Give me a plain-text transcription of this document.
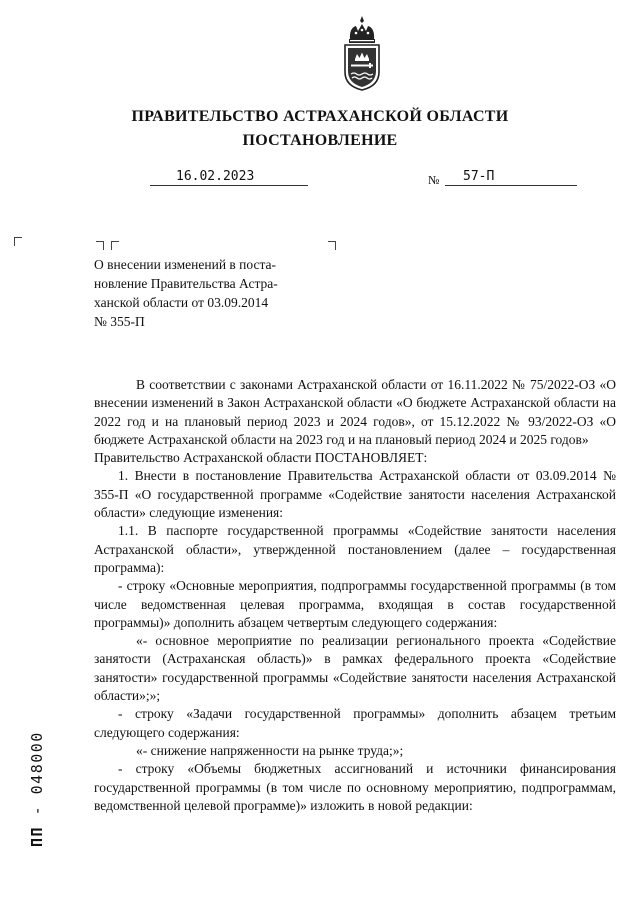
ПРАВИТЕЛЬСТВО АСТРАХАНСКОЙ ОБЛАСТИ
ПОСТАНОВЛЕНИЕ
16.02.2023	№ 57-П
О внесении изменений в поста-
новление Правительства Астра-
ханской области от 03.09.2014
№ 355-П

В соответствии с законами Астраханской области от 16.11.2022 № 75/2022-ОЗ «О внесении изменений в Закон Астраханской области «О бюджете Астраханской области на 2022 год и на плановый период 2023 и 2024 годов», от 15.12.2022 № 93/2022-ОЗ «О бюджете Астраханской области на 2023 год и на плановый период 2024 и 2025 годов»

Правительство Астраханской области ПОСТАНОВЛЯЕТ:

1. Внести в постановление Правительства Астраханской области от 03.09.2014 № 355-П «О государственной программе «Содействие занятости населения Астраханской области» следующие изменения:

1.1. В паспорте государственной программы «Содействие занятости населения Астраханской области», утвержденной постановлением (далее – государственная программа):

- строку «Основные мероприятия, подпрограммы государственной программы (в том числе ведомственная целевая программа, входящая в состав государственной программы)» дополнить абзацем четвертым следующего содержания:

«- основное мероприятие по реализации регионального проекта «Содействие занятости (Астраханская область)» в рамках федерального проекта «Содействие занятости» государственной программы «Содействие занятости населения Астраханской области»;»;

- строку «Задачи государственной программы» дополнить абзацем третьим следующего содержания:

«- снижение напряженности на рынке труда;»;

- строку «Объемы бюджетных ассигнований и источники финансирования государственной программы (в том числе по основному мероприятию, подпрограммам, ведомственной целевой программе)» изложить в новой редакции:

ПП - 048000
